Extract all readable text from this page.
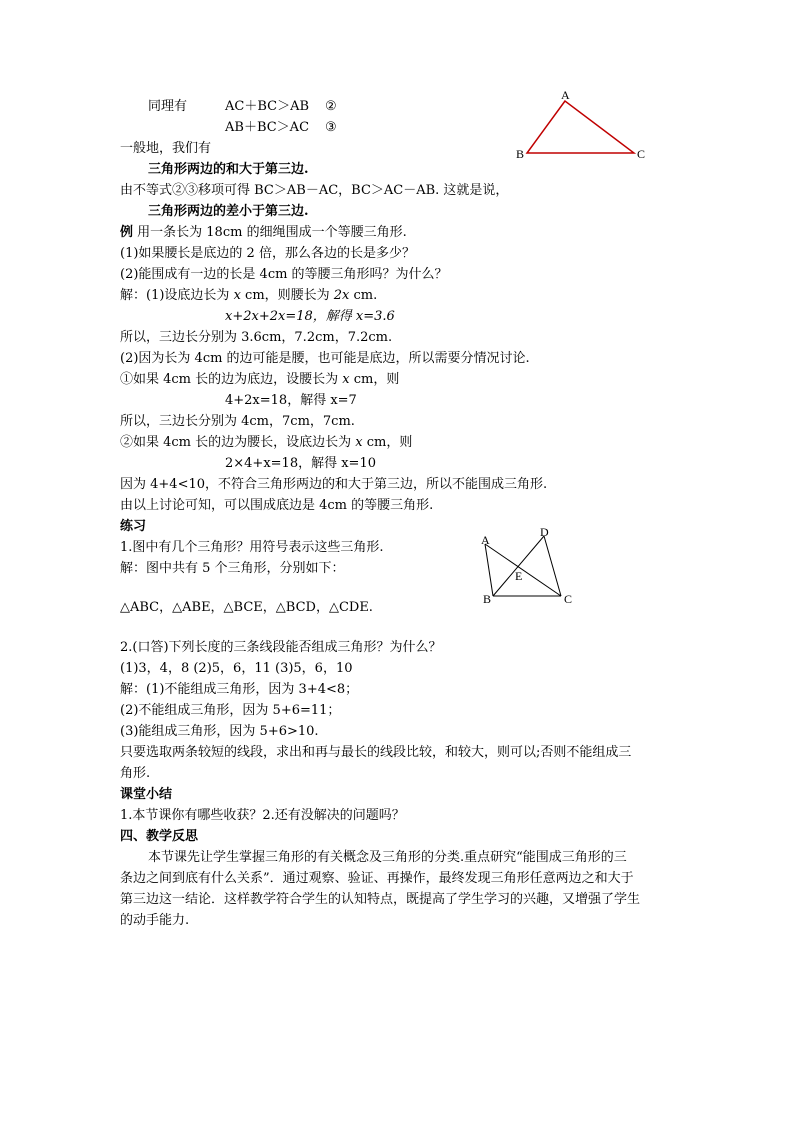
A
B	C
A
B	C
D
E
同理有	AC＋BC＞AB ②
AB＋BC＞AC ③
一般地，我们有
三角形两边的和大于第三边.
由不等式②③移项可得 BC＞AB－AC，BC＞AC－AB. 这就是说，
三角形两边的差小于第三边.
例 用一条长为 18cm 的细绳围成一个等腰三角形.
(1)如果腰长是底边的 2 倍，那么各边的长是多少？
(2)能围成有一边的长是 4cm 的等腰三角形吗？为什么？
解：(1)设底边长为 x cm，则腰长为 2x cm.
x+2x+2x=18，解得 x=3.6
所以，三边长分别为 3.6cm，7.2cm，7.2cm.
(2)因为长为 4cm 的边可能是腰，也可能是底边，所以需要分情况讨论.
①如果 4cm 长的边为底边，设腰长为 x cm，则
4+2x=18，解得 x=7
所以，三边长分别为 4cm，7cm，7cm.
②如果 4cm 长的边为腰长，设底边长为 x cm，则
2×4+x=18，解得 x=10
因为 4+4<10，不符合三角形两边的和大于第三边，所以不能围成三角形.
由以上讨论可知，可以围成底边是 4cm 的等腰三角形.
练习
1.图中有几个三角形？用符号表示这些三角形.
解：图中共有 5 个三角形，分别如下：
△ABC，△ABE，△BCE，△BCD，△CDE.
2.(口答)下列长度的三条线段能否组成三角形？为什么？
(1)3，4，8 (2)5，6，11 (3)5，6，10
解：(1)不能组成三角形，因为 3+4<8；
(2)不能组成三角形，因为 5+6=11；
(3)能组成三角形，因为 5+6>10.
只要选取两条较短的线段，求出和再与最长的线段比较，和较大，则可以;否则不能组成三
角形.
课堂小结
1.本节课你有哪些收获？2.还有没解决的问题吗？
四、教学反思
本节课先让学生掌握三角形的有关概念及三角形的分类.重点研究“能围成三角形的三
条边之间到底有什么关系”．通过观察、验证、再操作，最终发现三角形任意两边之和大于
第三边这一结论．这样教学符合学生的认知特点，既提高了学生学习的兴趣，又增强了学生
的动手能力.
